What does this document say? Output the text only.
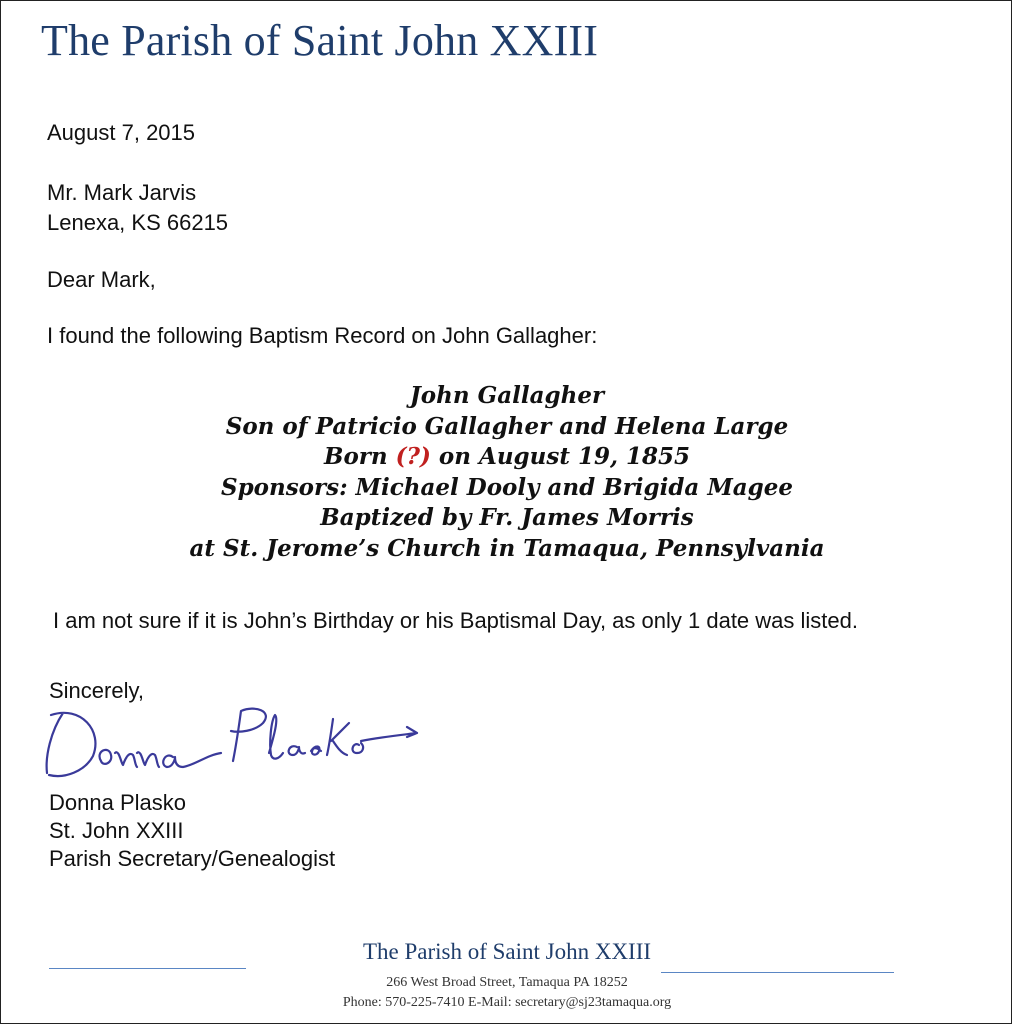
The Parish of Saint John XXIII
August 7, 2015
Mr. Mark Jarvis
Lenexa, KS 66215
Dear Mark,
I found the following Baptism Record on John Gallagher:
John Gallagher
Son of Patricio Gallagher and Helena Large
Born (?) on August 19, 1855
Sponsors: Michael Dooly and Brigida Magee
Baptized by Fr. James Morris
at St. Jerome’s Church in Tamaqua, Pennsylvania
I am not sure if it is John’s Birthday or his Baptismal Day, as only 1 date was listed.
Sincerely,
Donna Plasko
St. John XXIII
Parish Secretary/Genealogist
The Parish of Saint John XXIII
266 West Broad Street, Tamaqua PA 18252
Phone: 570-225-7410 E-Mail: secretary@sj23tamaqua.org
